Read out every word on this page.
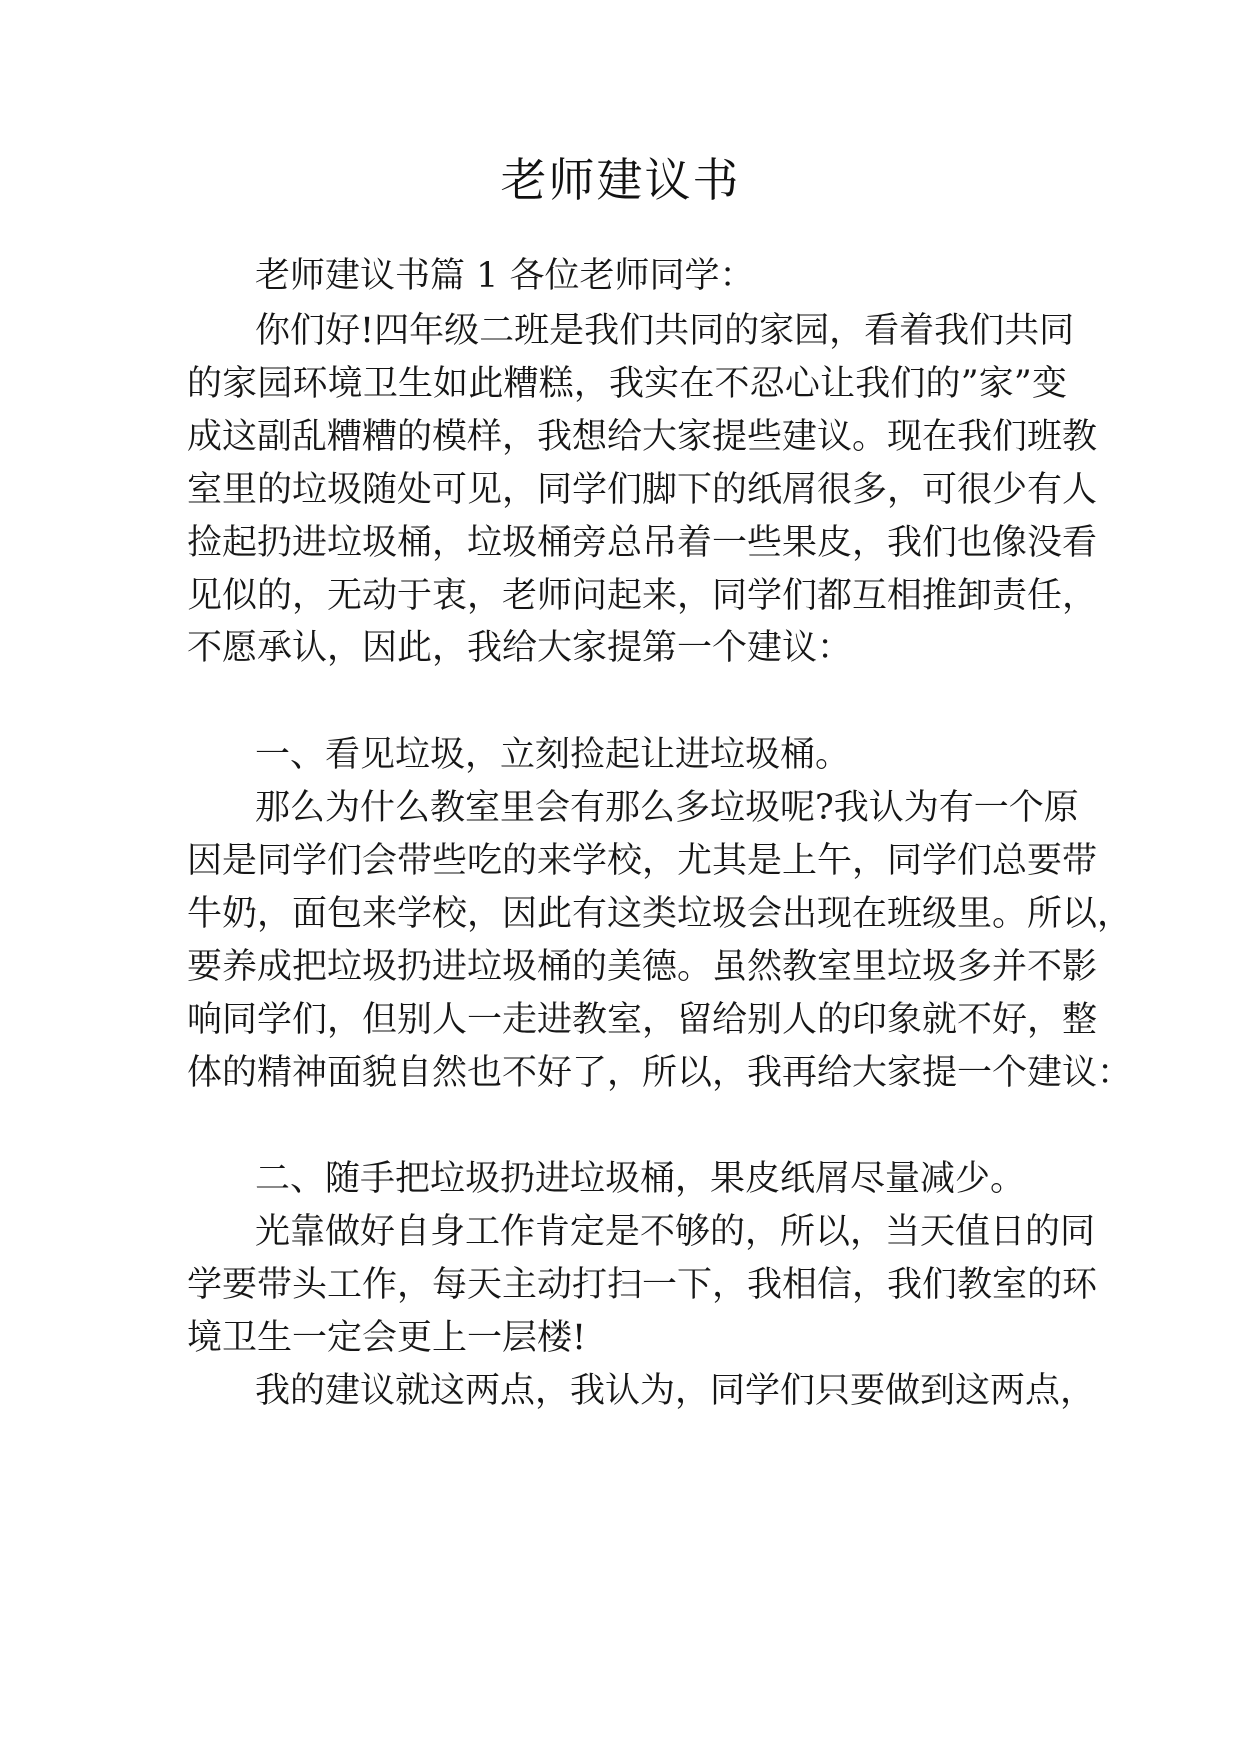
老师建议书
老师建议书篇 1 各位老师同学：
你们好!四年级二班是我们共同的家园，看着我们共同
的家园环境卫生如此糟糕，我实在不忍心让我们的”家”变
成这副乱糟糟的模样，我想给大家提些建议。现在我们班教
室里的垃圾随处可见，同学们脚下的纸屑很多，可很少有人
捡起扔进垃圾桶，垃圾桶旁总吊着一些果皮，我们也像没看
见似的，无动于衷，老师问起来，同学们都互相推卸责任，
不愿承认，因此，我给大家提第一个建议：
一、看见垃圾，立刻捡起让进垃圾桶。
那么为什么教室里会有那么多垃圾呢?我认为有一个原
因是同学们会带些吃的来学校，尤其是上午，同学们总要带
牛奶，面包来学校，因此有这类垃圾会出现在班级里。所以，
要养成把垃圾扔进垃圾桶的美德。虽然教室里垃圾多并不影
响同学们，但别人一走进教室，留给别人的印象就不好，整
体的精神面貌自然也不好了，所以，我再给大家提一个建议：
二、随手把垃圾扔进垃圾桶，果皮纸屑尽量减少。
光靠做好自身工作肯定是不够的，所以，当天值日的同
学要带头工作，每天主动打扫一下，我相信，我们教室的环
境卫生一定会更上一层楼!
我的建议就这两点，我认为，同学们只要做到这两点，
